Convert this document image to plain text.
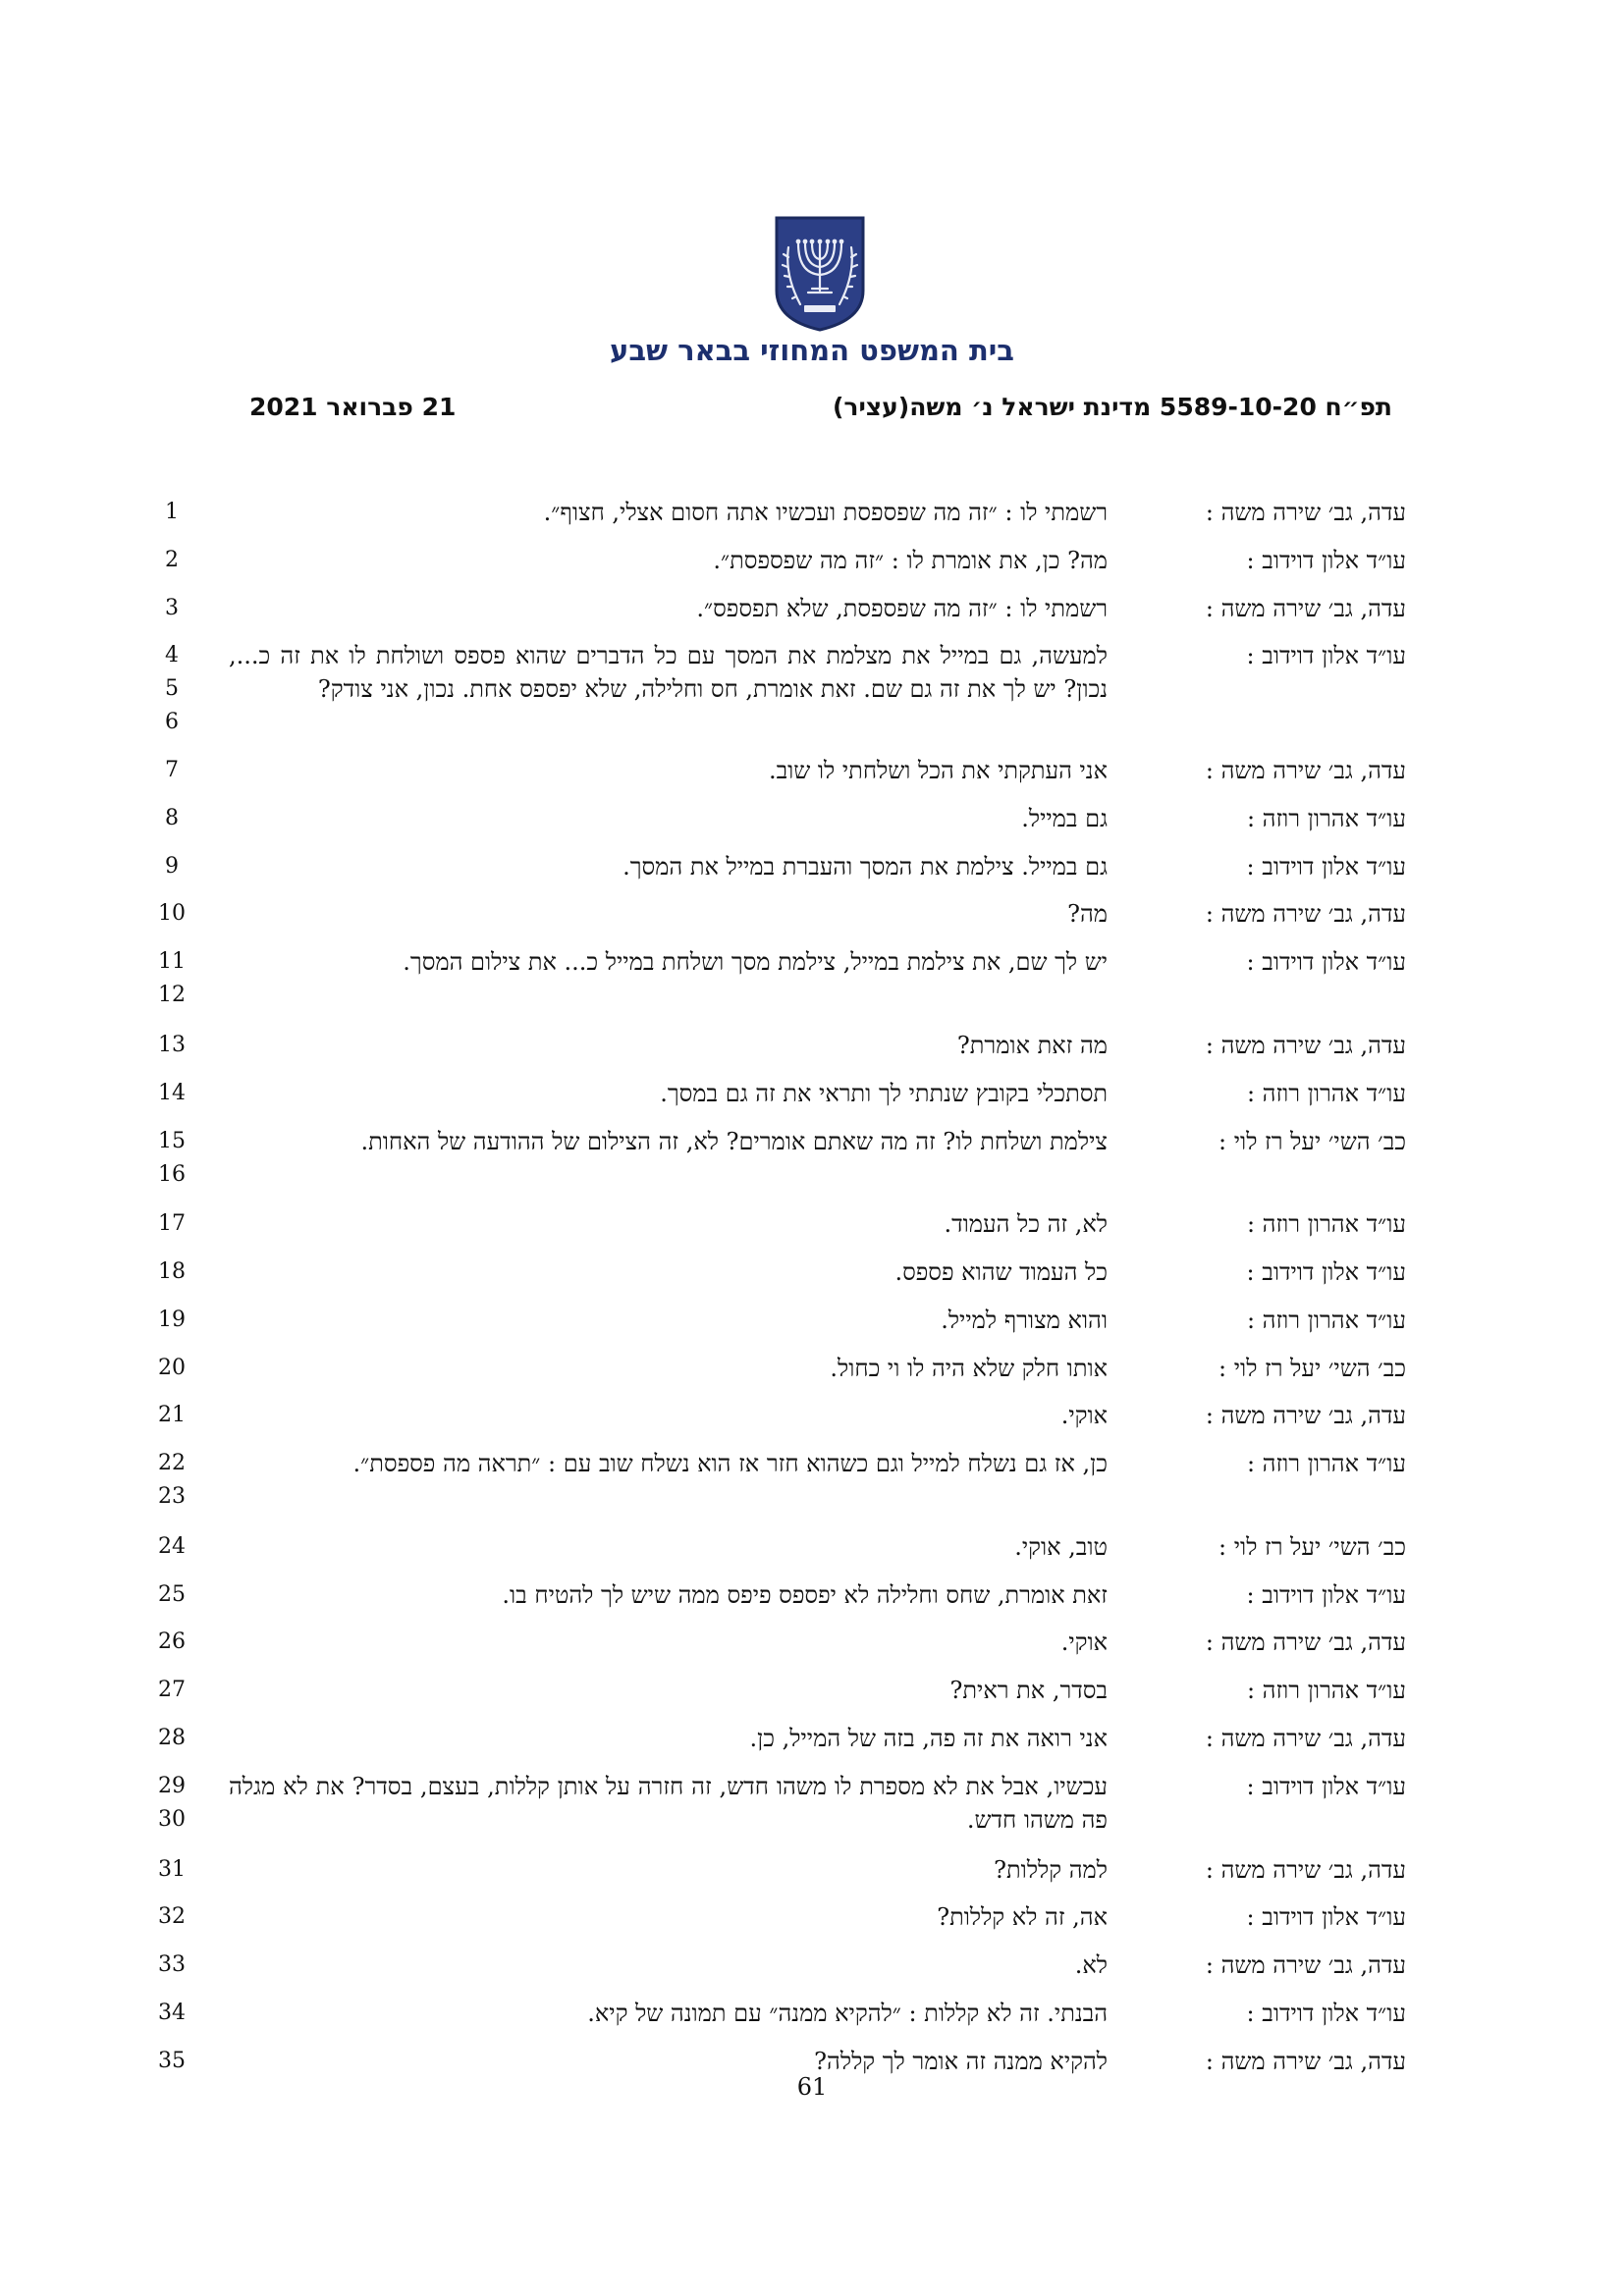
בית המשפט המחוזי בבאר שבע
תפ״ח 5589-10-20 מדינת ישראל נ׳ משה(עציר)
21 פברואר 2021
עדה, גב׳ שירה משה :
רשמתי לו : ״זה מה שפספסת ועכשיו אתה חסום אצלי, חצוף״.
1
עו״ד אלון דוידוב :
מה? כן, את אומרת לו : ״זה מה שפספסת״.
2
עדה, גב׳ שירה משה :
רשמתי לו : ״זה מה שפספסת, שלא תפספס״.
3
עו״ד אלון דוידוב :
למעשה, גם במייל את מצלמת את המסך עם כל הדברים שהוא פספס ושולחת לו את זה כ..., נכון? יש לך את זה גם שם. זאת אומרת, חס וחלילה, שלא יפספס אחת. נכון, אני צודק?
4
5
6
עדה, גב׳ שירה משה :
אני העתקתי את הכל ושלחתי לו שוב.
7
עו״ד אהרון רוזה :
גם במייל.
8
עו״ד אלון דוידוב :
גם במייל. צילמת את המסך והעברת במייל את המסך.
9
עדה, גב׳ שירה משה :
מה?
10
עו״ד אלון דוידוב :
יש לך שם, את צילמת במייל, צילמת מסך ושלחת במייל כ... את צילום המסך.
11
12
עדה, גב׳ שירה משה :
מה זאת אומרת?
13
עו״ד אהרון רוזה :
תסתכלי בקובץ שנתתי לך ותראי את זה גם במסך.
14
כב׳ השי׳ יעל רז לוי :
צילמת ושלחת לו? זה מה שאתם אומרים? לא, זה הצילום של ההודעה של האחות.
15
16
עו״ד אהרון רוזה :
לא, זה כל העמוד.
17
עו״ד אלון דוידוב :
כל העמוד שהוא פספס.
18
עו״ד אהרון רוזה :
והוא מצורף למייל.
19
כב׳ השי׳ יעל רז לוי :
אותו חלק שלא היה לו וי כחול.
20
עדה, גב׳ שירה משה :
אוקי.
21
עו״ד אהרון רוזה :
כן, אז גם נשלח למייל וגם כשהוא חזר אז הוא נשלח שוב עם : ״תראה מה פספסת״.
22
23
כב׳ השי׳ יעל רז לוי :
טוב, אוקי.
24
עו״ד אלון דוידוב :
זאת אומרת, שחס וחלילה לא יפספס פיפס ממה שיש לך להטיח בו.
25
עדה, גב׳ שירה משה :
אוקי.
26
עו״ד אהרון רוזה :
בסדר, את ראית?
27
עדה, גב׳ שירה משה :
אני רואה את זה פה, בזה של המייל, כן.
28
עו״ד אלון דוידוב :
עכשיו, אבל את לא מספרת לו משהו חדש, זה חזרה על אותן קללות, בעצם, בסדר? את לא מגלה פה משהו חדש.
29
30
עדה, גב׳ שירה משה :
למה קללות?
31
עו״ד אלון דוידוב :
אה, זה לא קללות?
32
עדה, גב׳ שירה משה :
לא.
33
עו״ד אלון דוידוב :
הבנתי. זה לא קללות : ״להקיא ממנה״ עם תמונה של קיא.
34
עדה, גב׳ שירה משה :
להקיא ממנה זה אומר לך קללה?
35
61
